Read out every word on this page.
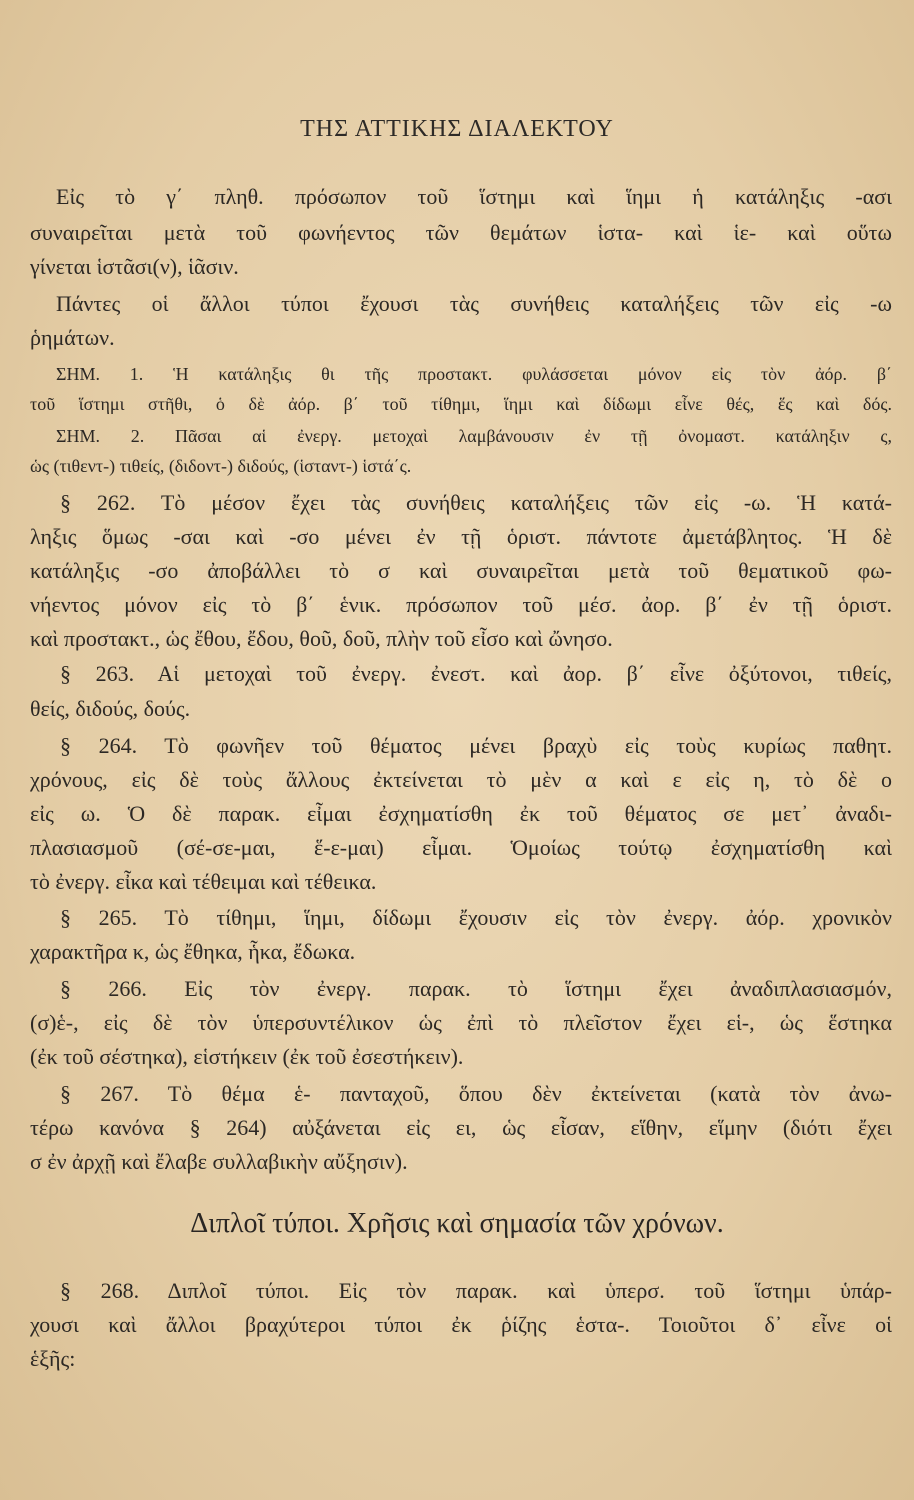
ΤΗΣ ΑΤΤΙΚΗΣ ΔΙΑΛΕΚΤΟΥ
Εἰς τὸ γ΄ πληθ. πρόσωπον τοῦ ἵστημι καὶ ἵημι ἡ κατάληξις -ασι
συναιρεῖται μετὰ τοῦ φωνήεντος τῶν θεμάτων ἱστα- καὶ ἱε- καὶ οὕτω
γίνεται ἱστᾶσι(ν), ἱᾶσιν.
Πάντες οἱ ἄλλοι τύποι ἔχουσι τὰς συνήθεις καταλήξεις τῶν εἰς -ω
ῥημάτων.
ΣΗΜ. 1. Ἡ κατάληξις θι τῆς προστακτ. φυλάσσεται μόνον εἰς τὸν ἀόρ. β΄
τοῦ ἵστημι στῆθι, ὁ δὲ ἀόρ. β΄ τοῦ τίθημι, ἵημι καὶ δίδωμι εἶνε θές, ἕς καὶ δός.
ΣΗΜ. 2. Πᾶσαι αἱ ἐνεργ. μετοχαὶ λαμβάνουσιν ἐν τῇ ὀνομαστ. κατάληξιν ς,
ὡς (τιθεντ-) τιθείς, (διδοντ-) διδούς, (ἱσταντ-) ἱστά΄ς.
§ 262. Τὸ μέσον ἔχει τὰς συνήθεις καταλήξεις τῶν εἰς -ω. Ἡ κατά-
ληξις ὅμως -σαι καὶ -σο μένει ἐν τῇ ὁριστ. πάντοτε ἀμετάβλητος. Ἡ δὲ
κατάληξις -σο ἀποβάλλει τὸ σ καὶ συναιρεῖται μετὰ τοῦ θεματικοῦ φω-
νήεντος μόνον εἰς τὸ β΄ ἑνικ. πρόσωπον τοῦ μέσ. ἀορ. β΄ ἐν τῇ ὁριστ.
καὶ προστακτ., ὡς ἔθου, ἔδου, θοῦ, δοῦ, πλὴν τοῦ εἶσο καὶ ὤνησο.
§ 263. Αἱ μετοχαὶ τοῦ ἐνεργ. ἐνεστ. καὶ ἀορ. β΄ εἶνε ὀξύτονοι, τιθείς,
θείς, διδούς, δούς.
§ 264. Τὸ φωνῆεν τοῦ θέματος μένει βραχὺ εἰς τοὺς κυρίως παθητ.
χρόνους, εἰς δὲ τοὺς ἄλλους ἐκτείνεται τὸ μὲν α καὶ ε εἰς η, τὸ δὲ ο
εἰς ω. Ὁ δὲ παρακ. εἶμαι ἐσχηματίσθη ἐκ τοῦ θέματος σε μετ᾽ ἀναδι-
πλασιασμοῦ (σέ-σε-μαι, ἕ-ε-μαι) εἶμαι. Ὁμοίως τούτῳ ἐσχηματίσθη καὶ
τὸ ἐνεργ. εἶκα καὶ τέθειμαι καὶ τέθεικα.
§ 265. Τὸ τίθημι, ἵημι, δίδωμι ἔχουσιν εἰς τὸν ἐνεργ. ἀόρ. χρονικὸν
χαρακτῆρα κ, ὡς ἔθηκα, ἧκα, ἔδωκα.
§ 266. Εἰς τὸν ἐνεργ. παρακ. τὸ ἵστημι ἔχει ἀναδιπλασιασμόν,
(σ)ἑ-, εἰς δὲ τὸν ὑπερσυντέλικον ὡς ἐπὶ τὸ πλεῖστον ἔχει εἱ-, ὡς ἕστηκα
(ἐκ τοῦ σέστηκα), εἱστήκειν (ἐκ τοῦ ἐσεστήκειν).
§ 267. Τὸ θέμα ἑ- πανταχοῦ, ὅπου δὲν ἐκτείνεται (κατὰ τὸν ἀνω-
τέρω κανόνα § 264) αὐξάνεται εἰς ει, ὡς εἶσαν, εἵθην, εἵμην (διότι ἔχει
σ ἐν ἀρχῇ καὶ ἔλαβε συλλαβικὴν αὔξησιν).
Διπλοῖ τύποι. Χρῆσις καὶ σημασία τῶν χρόνων.
§ 268. Διπλοῖ τύποι. Εἰς τὸν παρακ. καὶ ὑπερσ. τοῦ ἵστημι ὑπάρ-
χουσι καὶ ἄλλοι βραχύτεροι τύποι ἐκ ῥίζης ἑστα-. Τοιοῦτοι δ᾽ εἶνε οἱ
ἑξῆς:
